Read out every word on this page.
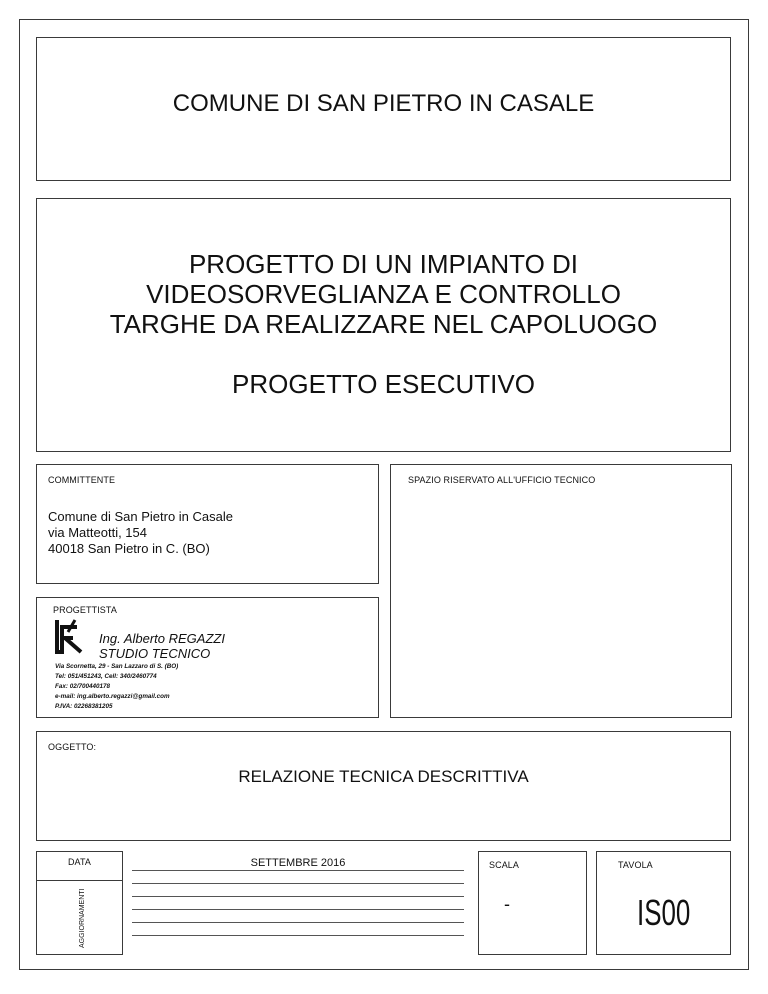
COMUNE DI SAN PIETRO IN CASALE
PROGETTO DI UN IMPIANTO DI
VIDEOSORVEGLIANZA E CONTROLLO
TARGHE DA REALIZZARE NEL CAPOLUOGO
PROGETTO ESECUTIVO
COMMITTENTE
Comune di San Pietro in Casale
via Matteotti, 154
40018 San Pietro in C. (BO)
SPAZIO RISERVATO ALL'UFFICIO TECNICO
PROGETTISTA
Ing. Alberto REGAZZI
STUDIO TECNICO
Via Scornetta, 29 - San Lazzaro di S. (BO)
Tel: 051/451243, Cell: 340/2460774
Fax: 02/700440178
e-mail: ing.alberto.regazzi@gmail.com
P.IVA: 02268381205
OGGETTO:
RELAZIONE TECNICA DESCRITTIVA
DATA
AGGIORNAMENTI
SETTEMBRE 2016	SCALA
-
TAVOLA
IS00
